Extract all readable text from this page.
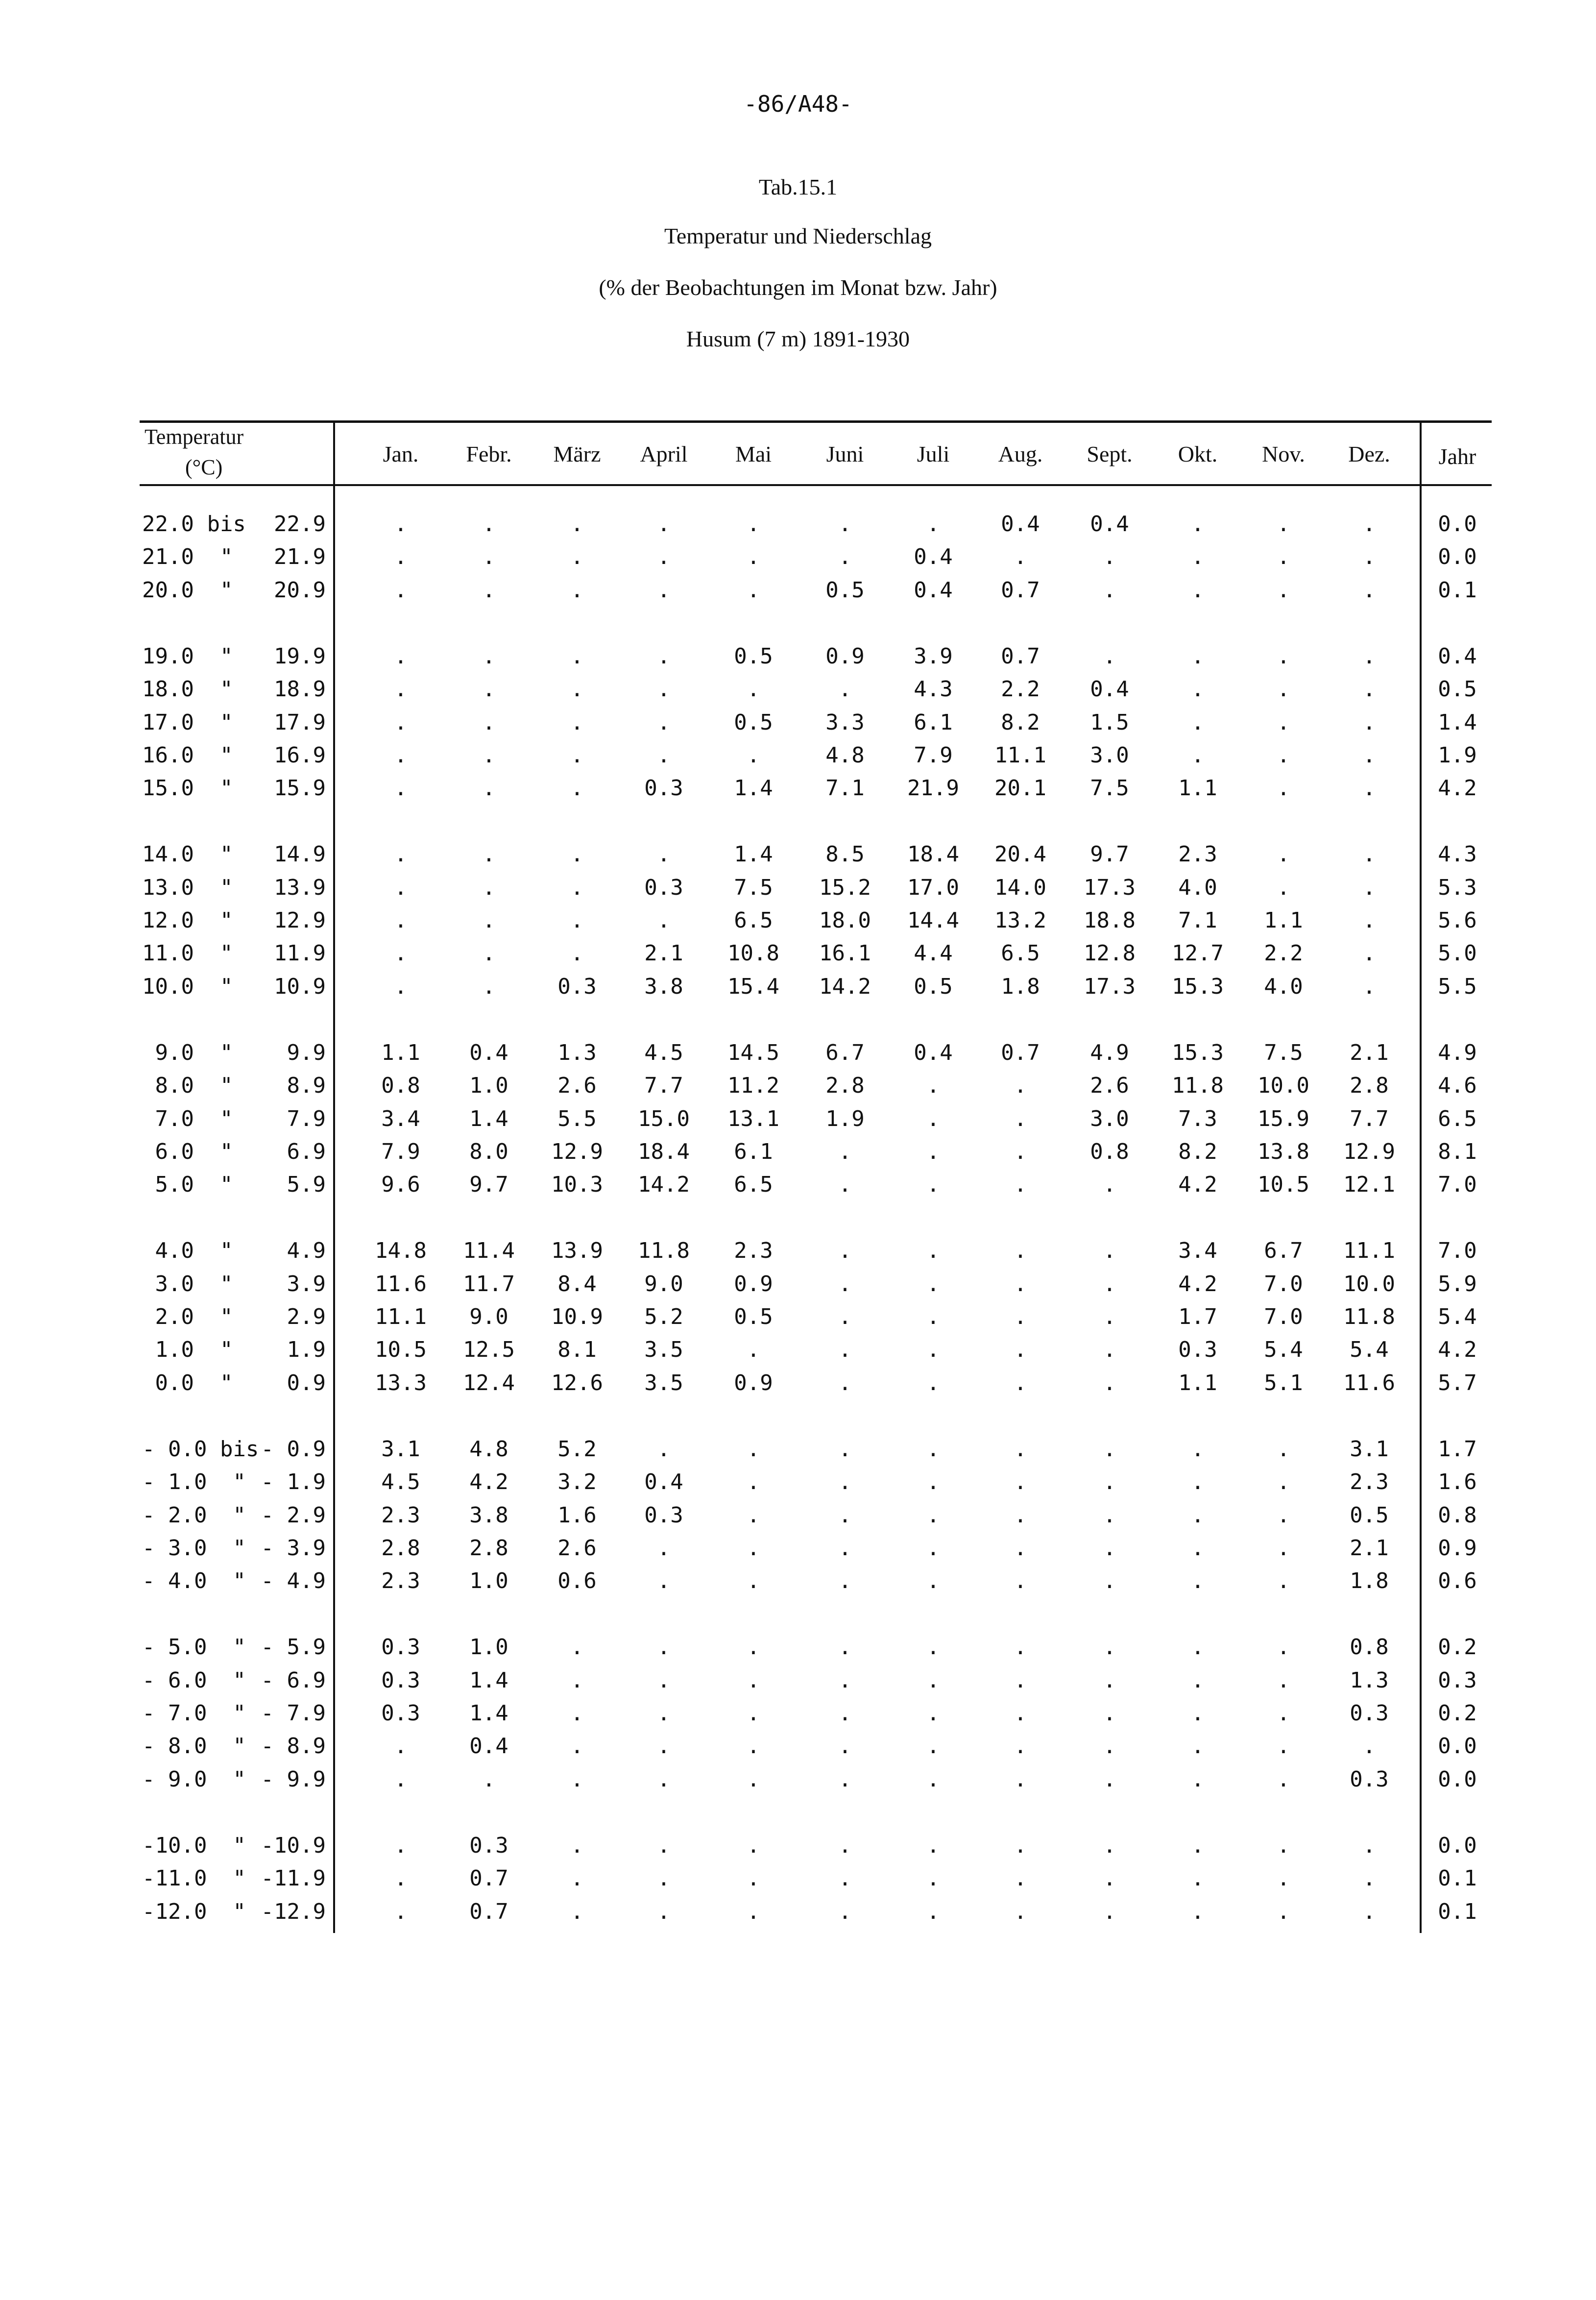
-86/A48-
Tab.15.1
Temperatur und Niederschlag
(% der Beobachtungen im Monat bzw. Jahr)
Husum (7 m) 1891-1930
Temperatur
(°C)
Jan. Febr. März April Mai Juni Juli Aug. Sept. Okt. Nov. Dez. Jahr
22.0 bis 22.9	.	.	.	.	.	.	.	0.4 0.4	.	.	.	0.0
21.0  " 21.9	.	.	.	.	.	.	0.4	.	.	.	.	.	0.0
20.0  " 20.9	.	.	.	.	.	0.5 0.4 0.7	.	.	.	.	0.1
19.0  " 19.9	.	.	.	.	0.5 0.9 3.9 0.7	.	.	.	.	0.4
18.0  " 18.9	.	.	.	.	.	.	4.3 2.2 0.4	.	.	.	0.5
17.0  " 17.9	.	.	.	.	0.5 3.3 6.1 8.2 1.5	.	.	.	1.4
16.0  " 16.9	.	.	.	.	.	4.8 7.9 11.1 3.0	.	.	.	1.9
15.0  " 15.9	.	.	.	0.3 1.4 7.1 21.9 20.1 7.5 1.1	.	.	4.2
14.0  " 14.9	.	.	.	.	1.4 8.5 18.4 20.4 9.7 2.3	.	.	4.3
13.0  " 13.9	.	.	.	0.3 7.5 15.2 17.0 14.0 17.3 4.0	.	.	5.3
12.0  " 12.9	.	.	.	.	6.5 18.0 14.4 13.2 18.8 7.1 1.1	.	5.6
11.0  " 11.9	.	.	.	2.1 10.8 16.1 4.4 6.5 12.8 12.7 2.2	.	5.0
10.0  " 10.9	.	.	0.3 3.8 15.4 14.2 0.5 1.8 17.3 15.3 4.0	.	5.5
9.0  "	9.9	1.1 0.4 1.3 4.5 14.5 6.7 0.4 0.7 4.9 15.3 7.5 2.1 4.9
8.0  "	8.9	0.8 1.0 2.6 7.7 11.2 2.8	.	.	2.6 11.8 10.0 2.8 4.6
7.0  "	7.9	3.4 1.4 5.5 15.0 13.1 1.9	.	.	3.0 7.3 15.9 7.7 6.5
6.0  "	6.9	7.9 8.0 12.9 18.4 6.1	.	.	.	0.8 8.2 13.8 12.9 8.1
5.0  "	5.9	9.6 9.7 10.3 14.2 6.5	.	.	.	.	4.2 10.5 12.1 7.0
4.0  "	4.9 14.8 11.4 13.9 11.8 2.3	.	.	.	.	3.4 6.7 11.1 7.0
3.0  "	3.9 11.6 11.7 8.4 9.0 0.9	.	.	.	.	4.2 7.0 10.0 5.9
2.0  "	2.9 11.1 9.0 10.9 5.2 0.5	.	.	.	.	1.7 7.0 11.8 5.4
1.0  "	1.9 10.5 12.5 8.1 3.5	.	.	.	.	.	0.3 5.4 5.4 4.2
0.0  "	0.9 13.3 12.4 12.6 3.5 0.9	.	.	.	.	1.1 5.1 11.6 5.7
- 0.0 bis - 0.9	3.1 4.8 5.2	.	.	.	.	.	.	.	.	3.1 1.7
- 1.0  " - 1.9	4.5 4.2 3.2 0.4	.	.	.	.	.	.	.	2.3 1.6
- 2.0  " - 2.9	2.3 3.8 1.6 0.3	.	.	.	.	.	.	.	0.5 0.8
- 3.0  " - 3.9	2.8 2.8 2.6	.	.	.	.	.	.	.	.	2.1 0.9
- 4.0  " - 4.9	2.3 1.0 0.6	.	.	.	.	.	.	.	.	1.8 0.6
- 5.0  " - 5.9	0.3 1.0	.	.	.	.	.	.	.	.	.	0.8 0.2
- 6.0  " - 6.9	0.3 1.4	.	.	.	.	.	.	.	.	.	1.3 0.3
- 7.0  " - 7.9	0.3 1.4	.	.	.	.	.	.	.	.	.	0.3 0.2
- 8.0  " - 8.9	.	0.4	.	.	.	.	.	.	.	.	.	.	0.0
- 9.0  " - 9.9	.	.	.	.	.	.	.	.	.	.	.	0.3 0.0
-10.0  " -10.9	.	0.3	.	.	.	.	.	.	.	.	.	.	0.0
-11.0  " -11.9	.	0.7	.	.	.	.	.	.	.	.	.	.	0.1
-12.0  " -12.9	.	0.7	.	.	.	.	.	.	.	.	.	.	0.1
